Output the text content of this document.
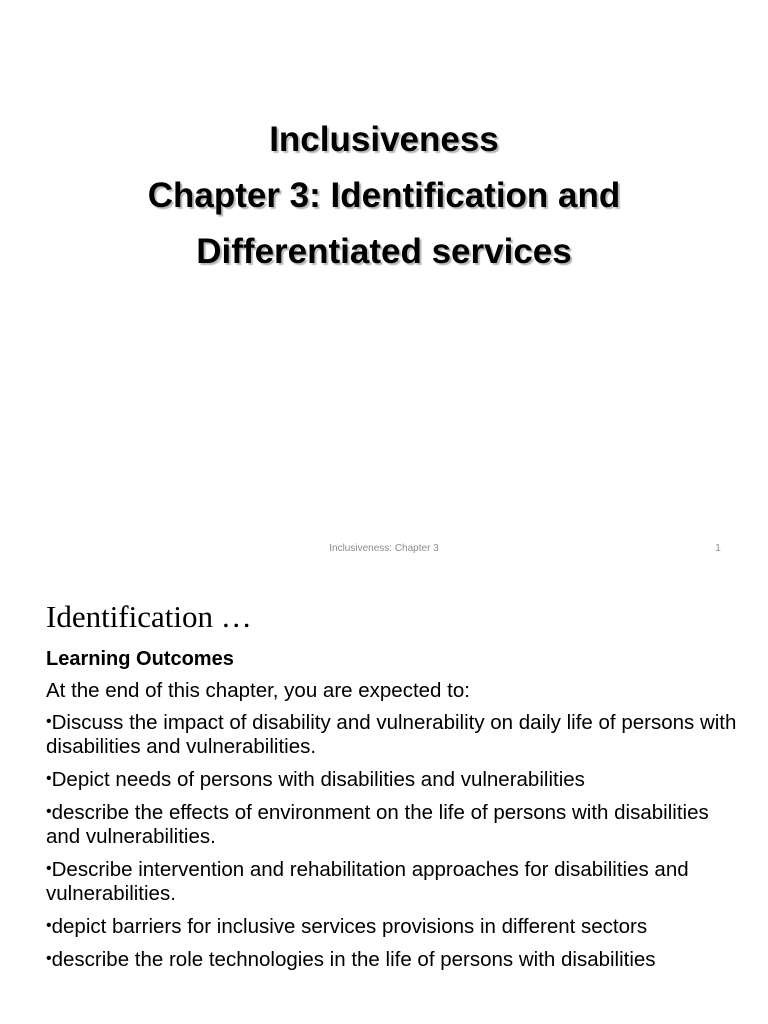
Inclusiveness
Chapter 3: Identification and
Differentiated services
Inclusiveness: Chapter 3	1
Identification …
Learning Outcomes
At the end of this chapter, you are expected to:
•Discuss the impact of disability and vulnerability on daily life of persons with disabilities and vulnerabilities.
•Depict needs of persons with disabilities and vulnerabilities
•describe the effects of environment on the life of persons with disabilities and vulnerabilities.
•Describe intervention and rehabilitation approaches for disabilities and vulnerabilities.
•depict barriers for inclusive services provisions in different sectors
•describe the role technologies in the life of persons with disabilities
